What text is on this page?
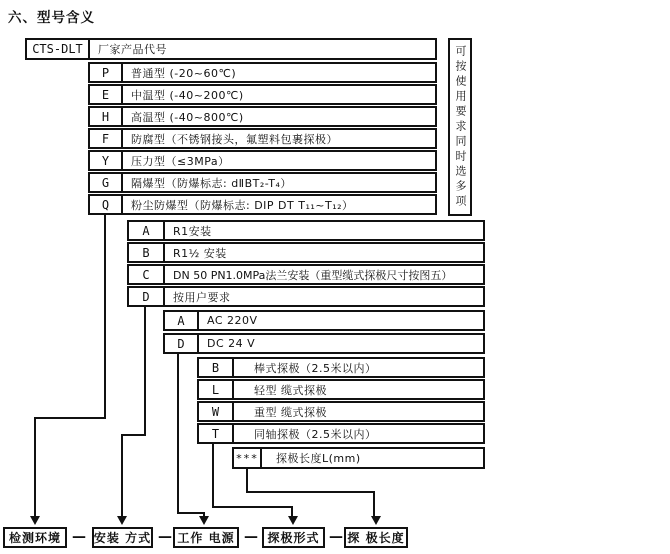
六、型号含义
CTS-DLT	厂家产品代号	可按使用要求同时选多项
P	普通型 (-20~60℃)
E	中温型 (-40~200℃)
H	高温型 (-40~800℃)
F	防腐型（不锈钢接头，氟塑料包裹探极）
Y	压力型（≤3MPa）
G	隔爆型（防爆标志: dⅡBT₂-T₄）
Q	粉尘防爆型（防爆标志: DIP DT T₁₁~T₁₂）
A	R1安装
B	R1½ 安装
C	DN 50 PN1.0MPa法兰安装（重型缆式探极尺寸按图五）
D	按用户要求
A	AC 220V
D	DC 24 V
B	棒式探极（2.5米以内）
L	轻型 缆式探极
W	重型 缆式探极
T	同轴探极（2.5米以内）
***	探极长度L(mm)
检测环境 — 安装 方式 — 工作 电源 — 探极形式 — 探 极长度
